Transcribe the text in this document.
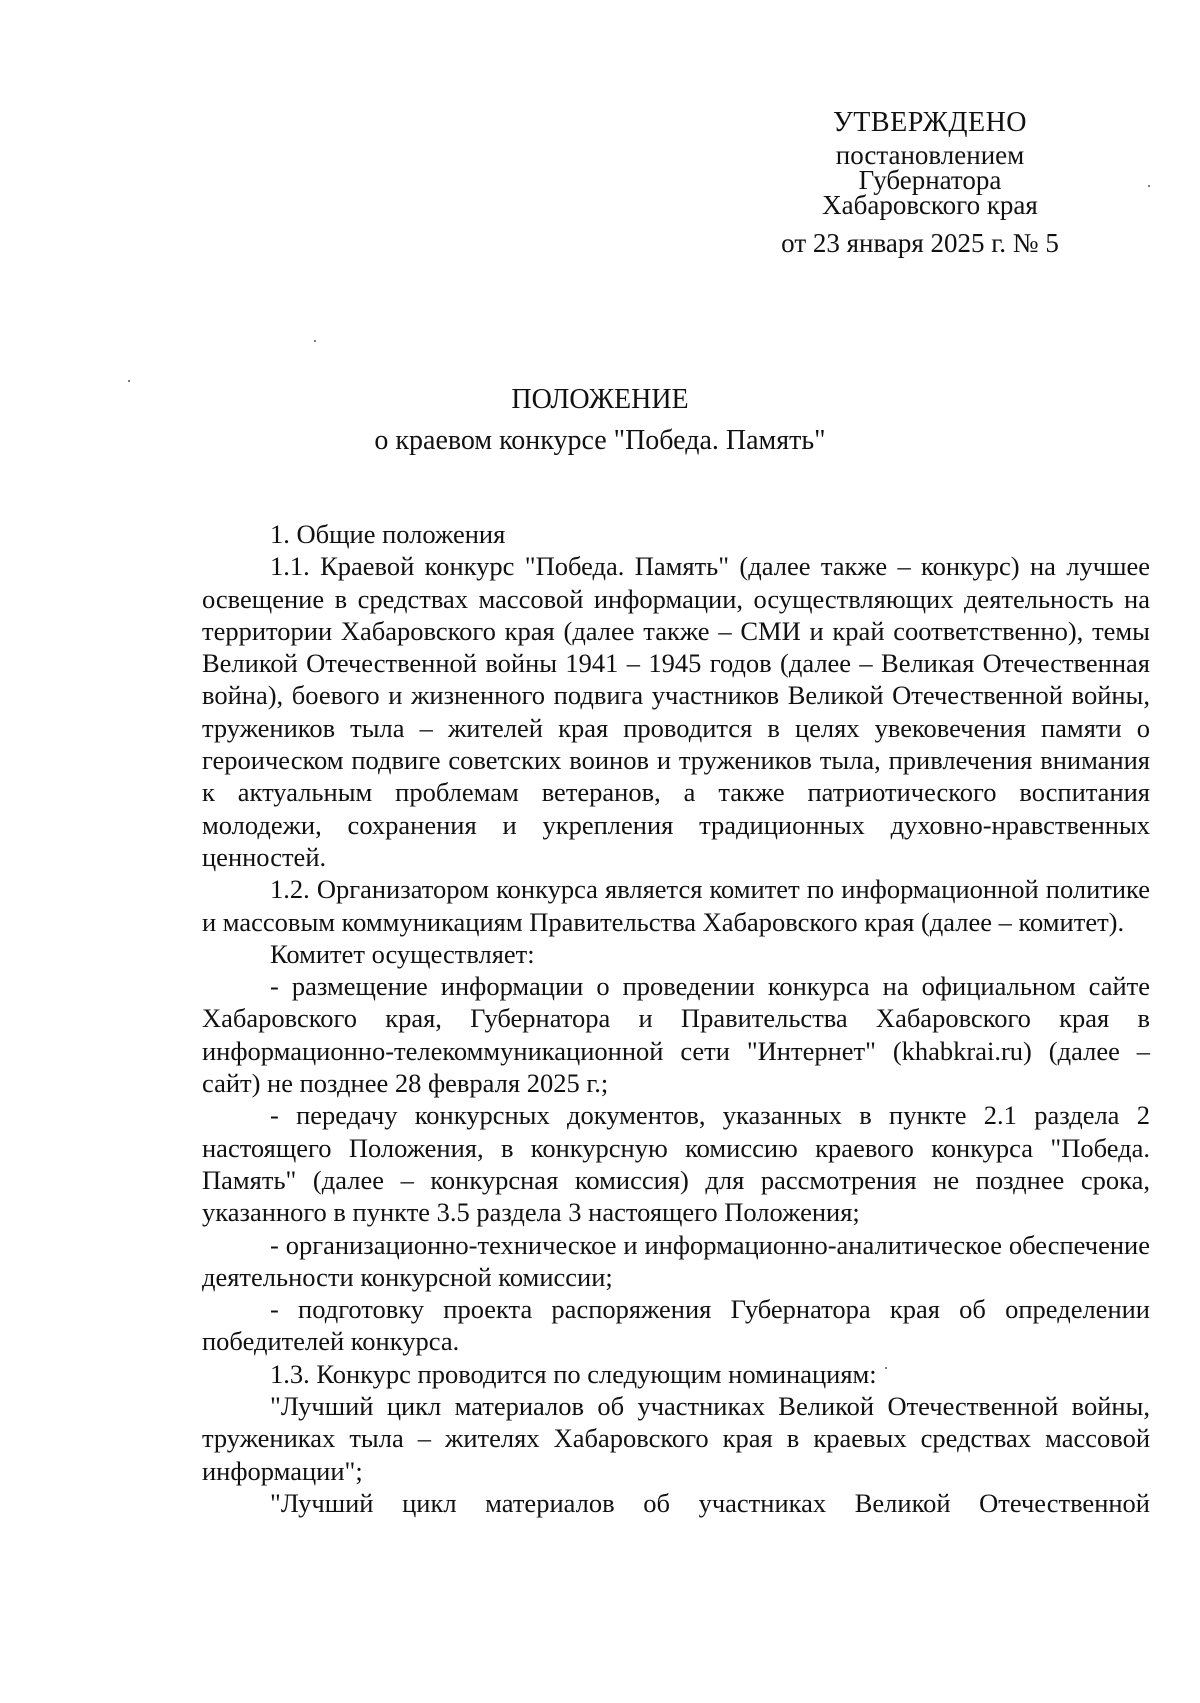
УТВЕРЖДЕНО
постановлением
Губернатора
Хабаровского края
от 23 января 2025 г. № 5
ПОЛОЖЕНИЕ
о краевом конкурсе "Победа. Память"

1. Общие положения

1.1. Краевой конкурс "Победа. Память" (далее также – конкурс) на лучшее освещение в средствах массовой информации, осуществляющих деятельность на территории Хабаровского края (далее также – СМИ и край соответственно), темы Великой Отечественной войны 1941 – 1945 годов (далее – Великая Отечественная война), боевого и жизненного подвига участников Великой Отечественной войны, тружеников тыла – жителей края проводится в целях увековечения памяти о героическом подвиге советских воинов и тружеников тыла, привлечения внимания к актуальным проблемам ветеранов, а также патриотического воспитания молодежи, сохранения и укрепления традиционных духовно-нравственных ценностей.

1.2. Организатором конкурса является комитет по информационной политике и массовым коммуникациям Правительства Хабаровского края (далее – комитет).

Комитет осуществляет:

- размещение информации о проведении конкурса на официальном сайте Хабаровского края, Губернатора и Правительства Хабаровского края в информационно-телекоммуникационной сети "Интернет" (khabkrai.ru) (далее – сайт) не позднее 28 февраля 2025 г.;

- передачу конкурсных документов, указанных в пункте 2.1 раздела 2 настоящего Положения, в конкурсную комиссию краевого конкурса "Победа. Память" (далее – конкурсная комиссия) для рассмотрения не позднее срока, указанного в пункте 3.5 раздела 3 настоящего Положения;

- организационно-техническое и информационно-аналитическое обеспечение деятельности конкурсной комиссии;

- подготовку проекта распоряжения Губернатора края об определении победителей конкурса.

1.3. Конкурс проводится по следующим номинациям:

"Лучший цикл материалов об участниках Великой Отечественной войны, тружениках тыла – жителях Хабаровского края в краевых средствах массовой информации";

"Лучший цикл материалов об участниках Великой Отечественной
